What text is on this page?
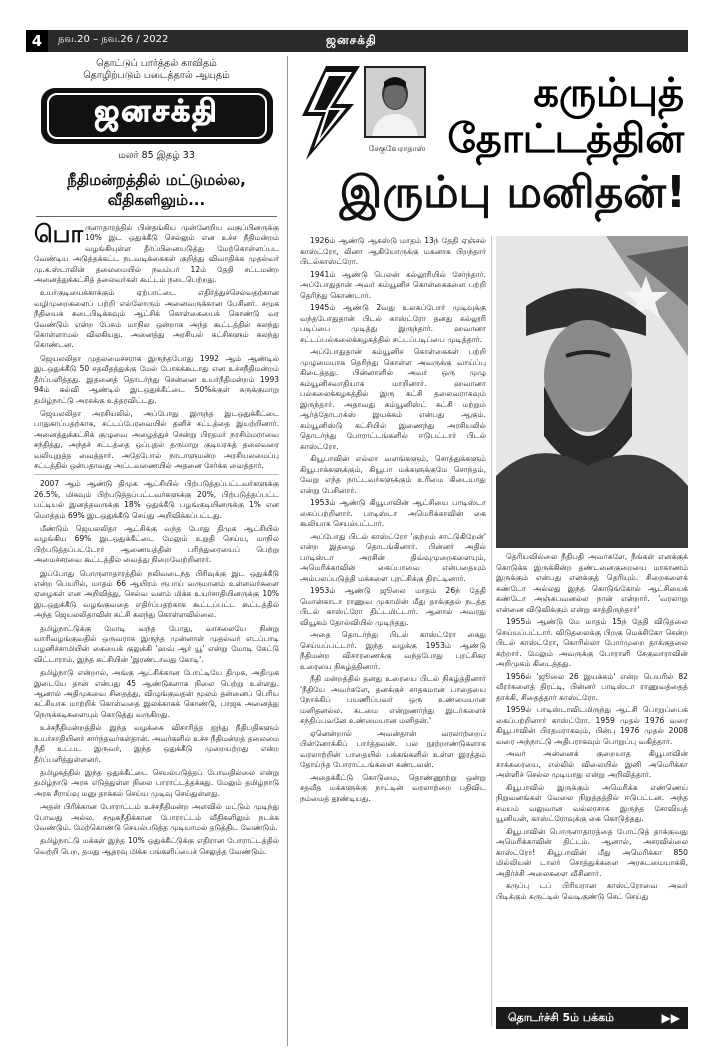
4	நவ.20 – நவ.26 / 2022	ஜனசக்தி
தொட்டுப் பார்த்தல் காவிதம்
தொழிற்படும் படைத்தால் ஆயுதம்
ஜனசக்தி
மலர் 85 இதழ் 33
நீதிமன்றத்தில் மட்டுமல்ல,
வீதிகளிலும்...

பொருளாதாரத்தில் பின்தங்கிய முன்னேறிய வகுப்பினருக்கு 10% இட ஒதுக்கீடு செல்லும் என உச்ச நீதிமன்றம் வழங்கியுள்ள தீர்ப்பினையடுத்து மேற்கொள்ளப்பட வேண்டிய அடுத்தக்கட்ட நடவடிக்கைகள் குறித்து விவாதிக்க முதல்வர் மு.க.ஸ்டாலின் தலைமையில் நவம்பர் 12ம் தேதி சட்டமன்ற அனைத்துக்கட்சித் தலைவர்கள் கூட்டம் நடைபெற்றது.

உயர்குடியைக்காக்கும் ஏற்பாட்டை எதிர்த்துச்செல்வதற்கான வழிமுறைகளைப் பற்றி எல்லோரும் அனைவருக்கான பேசினர். சமூக நீதியைக் கடைபிடிக்கவும் ஆட்சிக் கொள்கையைக் கொண்டு வர வேண்டும் என்ற பேசும் மாநில ஒன்றாக அந்த கூட்டத்தில் கலந்து கொள்ளாமல் விலகியது. அனைத்து அரசியல் கட்சிகளும் கலந்து கொண்டன.

ஜெயலலிதா முதலமைச்சராக இருந்தபோது 1992 ஆம் ஆண்டில் இடஒதுக்கீடு 50 சதவீதத்துக்கு மேல் போகக்கூடாது என உச்சநீதிமன்றம் தீர்ப்பளித்தது. இதனைத் தொடர்ந்து சென்னை உயர்நீதிமன்றம் 1993 94ம் கல்வி ஆண்டில் இடஒதுக்கீட்டை 50%க்குள் சுருக்குமாறு தமிழ்நாட்டு அரசுக்கு உத்தரவிட்டது.

ஜெயலலிதா அரசியலில், அப்போது இருந்த இடஒதுக்கீட்டை பாதுகாப்பதற்காக, சட்டப்பேரவையில் தனிச் சட்டத்தை இயற்றினார். அனைத்துக்கட்சிக் குழுவை அழைத்துச் சென்று பிரதமர் நரசிம்மராவை சந்தித்து, அந்தச் சட்டத்தை ஒப்புதல் தருமாறு குடியரசுத் தலைவரை வலியுறுத்த வைத்தார். அதேபோல் நாடாளுமன்ற அரசியலமைப்பு சட்டத்தில் ஒன்பதாவது அட்டவணையில் அதனை சேர்க்க வைத்தார்.

2007 ஆம் ஆண்டு திமுக ஆட்சியில் பிற்படுத்தப்பட்டவர்களுக்கு 26.5%, மிகவும் பிற்படுத்தப்பட்டவர்களுக்கு 20%, பிற்படுத்தப்பட்ட பட்டியல் இனத்தவருக்கு 18% ஒதுக்கீடு பழங்குடியினருக்கு 1% என மொத்தம் 69% இடஒதுக்கீடு செய்து அறிவிக்கப்பட்டது.

மீண்டும் ஜெயலலிதா ஆட்சிக்கு வந்த போது திமுக ஆட்சியில் வழங்கிய 69% இடஒதுக்கீட்டை மேலும் உறுதி செய்ய, மாநில பிற்படுத்தப்பட்டோர் ஆணையத்தின் பரிந்துரையைப் பெற்று அமைச்சரவை கூட்டத்தில் வைத்து நிறைவேற்றினார்.

இப்போது பொருளாதாரத்தில் நலிவடைந்த பிரிவுக்கு இட ஒதுக்கீடு என்ற பெயரில், மாதம் 66 ஆயிரம் ரூபாய் வருமானம் உள்ளவர்களை ஏழைகள் என அறிவித்து, செல்வ வளம் மிக்க உயர்சாதியினருக்கு 10% இடஒதுக்கீடு வழங்குவதை எதிர்ப்பதற்காக கூட்டப்பட்ட கூட்டத்தில் அந்த ஜெயலலிதாவின் கட்சி கலந்து கொள்ளவில்லை.

தமிழ்நாட்டுக்கு மோடி வந்த போது, வாசலையே நின்று வாரிவழங்குவதில் ஒருவராக இருந்த முன்னாள் முதல்வர் எடப்பாடி பழனிச்சாமியின் கையைக் குலுக்கி 'ஹவ் ஆர் யூ' என்று மோடி கேட்டு விட்டாராம். இந்த கட்சியின் 'இரண்டாவது கோடி'.

தமிழ்நாடு என்றால், அங்கு ஆட்சிக்கான போட்டியே திமுக, அதிமுக இடையே தான் என்பது 45 ஆண்டுகளாக நிலை பெற்று உள்ளது. ஆனால் அதிமுகவை சிதைத்து, விழுங்குவதன் மூலம் தன்னைப் பெரிய கட்சியாக மாற்றிக் கொள்வதை இலக்காகக் கொண்டு, பாஜக அனைத்து நெருக்கடிகளையும் கொடுத்து வருகிறது.

உச்சநீதிமன்றத்தில் இந்த வழக்கை விசாரித்த ஐந்து நீதிபதிகளும் உயர்சாதியினர் சார்ந்தவர்கள்தான். அவர்களில் உச்ச நீதிமன்றத் தலைமை நீதி உட்பட இருவர், இந்த ஒதுக்கீடு முறையற்றது என்ற தீர்ப்பளித்துள்ளனர்.

தமிழகத்தில் இந்த ஒதுக்கீட்டை செயல்படுத்தப் போவதில்லை என்று தமிழ்நாடு அரசு எடுத்துள்ள நிலை பாராட்டத்தக்கது. மேலும் தமிழ்நாடு அரசு சீராய்வு மனு தாக்கல் செய்ய முடிவு செய்துள்ளது.

அதன் பிரிக்கான போராட்டம் உச்சநீதிமன்ற அளவில் மட்டும் முடிந்து போவது அல்ல. சமூகநீதிக்கான போராட்டம் வீதிகளிலும் நடக்க வேண்டும். மேற்கொண்டு செயல்படுத்த முடியாமல் தடுத்திட வேண்டும்.

தமிழ்நாட்டு மக்கள் இந்த 10% ஒதுக்கீட்டுக்கு எதிரான போராட்டத்தில் வெற்றி பெற, தமது ஆதரவு மிக்க பங்களிப்பைச் செலுத்த வேண்டும்.

சேகுவேராதாஸ்
கரும்புத்
தோட்டத்தின்
இரும்பு மனிதன்!

1926ம் ஆண்டு ஆகஸ்டு மாதம் 13ந் தேதி ஏஞ்சல் காஸ்ட்ரோ, லினா ஆகியோருக்கு மகனாக பிறந்தார் பிடல்காஸ்ட்ரோ.

1941ம் ஆண்டு பெலன் கல்லூரியில் சேர்ந்தார். அப்போதுதான் அவர் கம்யூனிச கொள்கைகளை பற்றி தெரிந்து கொண்டார்.

1945ம் ஆண்டு 2வது உலகப்போர் முடிவுக்கு வந்தபோதுதான் பிடல் காஸ்ட்ரோ தனது கல்லூரி படிப்பை முடித்து இருந்தார். ஹவானா சட்டப்பல்கலைக்கழகத்தில் சட்டப்படிப்பை முடித்தார்.

அப்போதுதான் கம்யூனிச கொள்கைகள் பற்றி முழுமையாக தெரிந்து கொள்ள அவருக்கு வாய்ப்பு கிடைத்தது. பின்னாளில் அவர் ஒரு முழு கம்யூனிசவாதியாக மாறினார். ஹவானா பல்கலைக்கழகத்தில் இரு கட்சி தலைவராகவும் இருந்தார். அதாவது கம்யூனிஸ்ட் கட்சி மற்றும் ஆர்த்தோடாக்ஸ் இயக்கம் என்பது ஆகும். கம்யூனிஸ்டு கட்சியில் இணைந்து அரசியலில் தொடர்ந்து போராட்டங்களில் ஈடுபட்டார் பிடல் காஸ்ட்ரோ.

கியூபாவின் எல்லா வளங்களும், சொத்துக்களும் கியூபாக்களுக்கும், கியூபா மக்களுக்குமே சொந்தம், வேறு எந்த நாட்டவர்களுக்கும் உரிமை கிடையாது என்று பேசினார்.

1953ம் ஆண்டு கியூபாவின் ஆட்சியை பாடிஸ்டா கைப்பற்றினார். பாடிஸ்டா அமெரிக்காவின் கை கூலியாக செயல்பட்டார்.

அப்போது பிடல் காஸ்ட்ரோ 'குற்றம் சாட்டுகிறேன்' என்ற இதழை தொடங்கினார். பின்னர் அதில் பாடிஸ்டா அரசின் திவ்வுமுறைகளையும், அமெரிக்காவின் கைப்பாவை என்பதையும் அம்பலப்படுத்தி மக்களை புரட்சிக்கு திரட்டினார்.

1953ம் ஆண்டு ஜூலை மாதம் 26ந் தேதி மொன்காடா ராணுவ முகாமின் மீது தாக்குதல் நடத்த பிடல் காஸ்ட்ரோ திட்டமிட்டார். ஆனால் அவரது வியூகம் தோல்வியில் முடிந்தது.

அதை தொடர்ந்து பிடல் காஸ்ட்ரோ கைது செய்யப்பட்டார். இந்த வழக்கு 1953ம் ஆண்டு நீதிமன்ற விசாரணைக்கு வந்தபோது புரட்சிகர உரையை நிகழ்த்தினார்.

நீதி மன்றத்தில் தனது உரையை பிடல் நிகழ்த்தினார் 'நீதியே அவர்களே, தனக்குச் சாதகமான பாதையை நோக்கிப் பயணிப்பவர் ஒரு உண்மையான மனிதனல்ல. கடமை என்றுணர்ந்து இடர்களைச் சந்திப்பவனே உண்மையான மனிதன்.'

ஏனென்றால் அவன்தான் வரலாற்றைப் பின்னோக்கிப் பார்த்தவன். பல நூற்றாண்டுகளாக வரலாற்றின் பாதையில் பக்கங்களில் உள்ள இரத்தம் தோய்ந்த போராட்டங்களை கண்டவன்.

அதைக்கீட்டு கொடுமை, தொண்ணூற்று ஒன்று சதவீத மக்களுக்கு நாட்டின் வரலாற்றை பதிவிட நம்மைத் தூண்டியது.

தெரியவில்லை நீதிபதி அவர்களே, நீங்கள் எனக்குக் கொடுக்க இருக்கின்ற தண்டனைகுறையை மாகாணம் இருக்கும் என்பது எனக்குத் தெரியும். சிறைகளைக் கண்டோ அல்லது இந்த கொடுங்கோல் ஆட்சியைக் கண்டோ அஞ்சுபவனல்ல நான் என்றார். 'வரலாறு என்னை விடுவிக்கும் என்று காத்திருந்தார்'

1955ம் ஆண்டு மே மாதம் 15ந் தேதி விடுதலை செய்யப்பட்டார். விடுதலைக்கு பிறகு மெக்சிகோ சென்ற பிடல் காஸ்ட்ரோ, கொரில்லா போர்முறை தாக்குதலை கற்றார். மேலும் அவருக்கு போராளி சேகுவாராவின் அறிமுகம் கிடைத்தது.

1956ல் 'ஜூலை 26 இயக்கம்' என்ற பெயரில் 82 வீரர்களைத் திரட்டி, பின்னர் பாடிஸ்டா ராணுவத்தைத் தாக்கி, சிதைத்தார் காஸ்ட்ரோ.

1959ல் பாடிஸ்டாவிடமிருந்து ஆட்சி பொறுப்பைக் கைப்பற்றினார் காஸ்ட்ரோ. 1959 முதல் 1976 வரை கியூபாவின் பிரதமராகவும், பின்பு 1976 முதல் 2008 வரை அந்நாட்டு அதிபராகவும் பொறுப்பு வகித்தார்.

அவர் அன்னைக் குறையாத கியூபாவின் சாக்கரையை, எல்லில் விலையில் இனி அமெரிக்கா அள்ளிச் செல்ல முடியாது என்று அறிவித்தார்.

கியூபாவில் இருக்கும் அமெரிக்க எண்ணெய் நிறுவனங்கள் வேலை நிறுத்தத்தில் ஈடுபட்டன. அந்த சமயம் வலுவான வல்லரசாக இருந்த சோவியத் யூனியன், காஸ்ட்ரோவுக்கு கை கொடுத்தது.

கியூபாவின் பொருளாதாரத்தை போட்டுத் தாக்குவது அமெரிக்காவின் திட்டம். ஆனால், அசரவில்லை காஸ்ட்ரோ! கியூபாவின் மீது அமெரிக்கா 850 மில்லியன் டாலர் சொத்துக்களை அரசுடமையாக்கி, அதிர்ச்சி அலைகளை வீசினார்.

கருப்பு டப் பிரியரான காஸ்ட்ரோவை அவர் பிடிக்கும் சுருட்டில் வெடிகுண்டு செட் செய்து

தொடர்ச்சி 5ம் பக்கம்	▶▶
